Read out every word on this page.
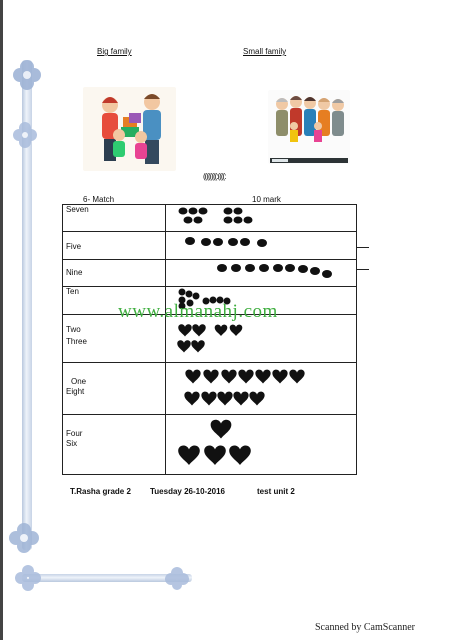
Big family	Small family
((((((((:((((:
6- Match	10 mark
Seven

Five

Nine

Ten

Two
Three

One
Eight

Four
Six

www.almanahj.com
T.Rasha grade 2 Tuesday 26-10-2016	test unit 2
Scanned by CamScanner
